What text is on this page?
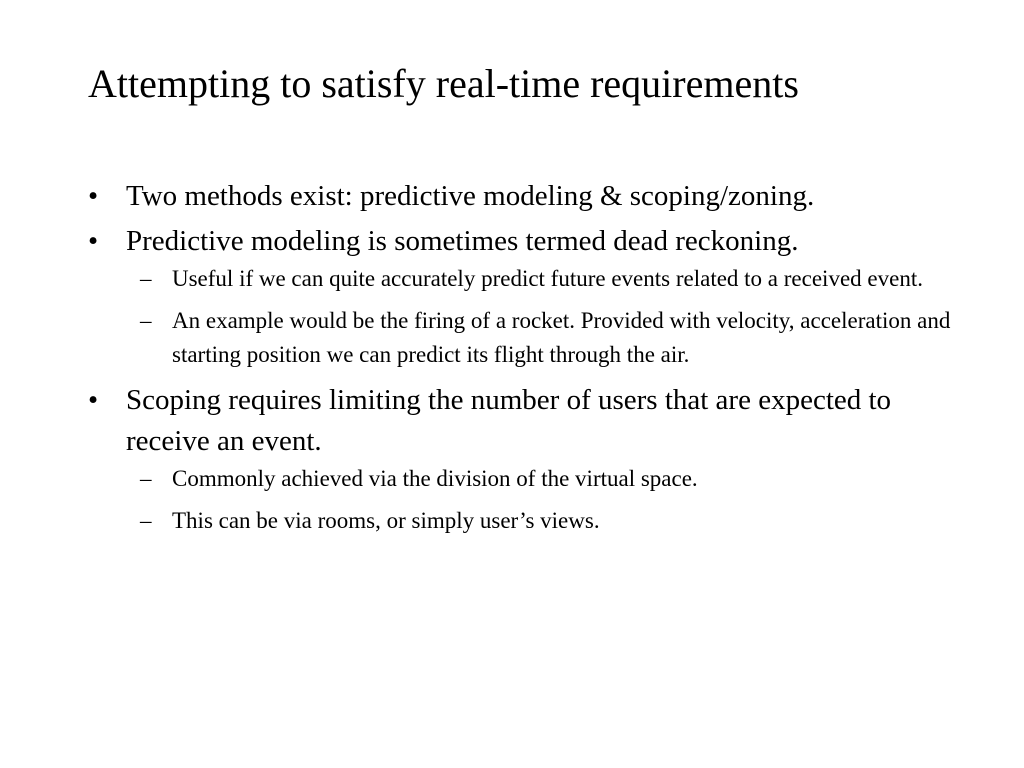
Attempting to satisfy real-time requirements
• Two methods exist: predictive modeling & scoping/zoning.
• Predictive modeling is sometimes termed dead reckoning.
– Useful if we can quite accurately predict future events related to a received event.
– An example would be the firing of a rocket. Provided with velocity, acceleration and starting position we can predict its flight through the air.
• Scoping requires limiting the number of users that are expected to receive an event.
– Commonly achieved via the division of the virtual space.
– This can be via rooms, or simply user’s views.
